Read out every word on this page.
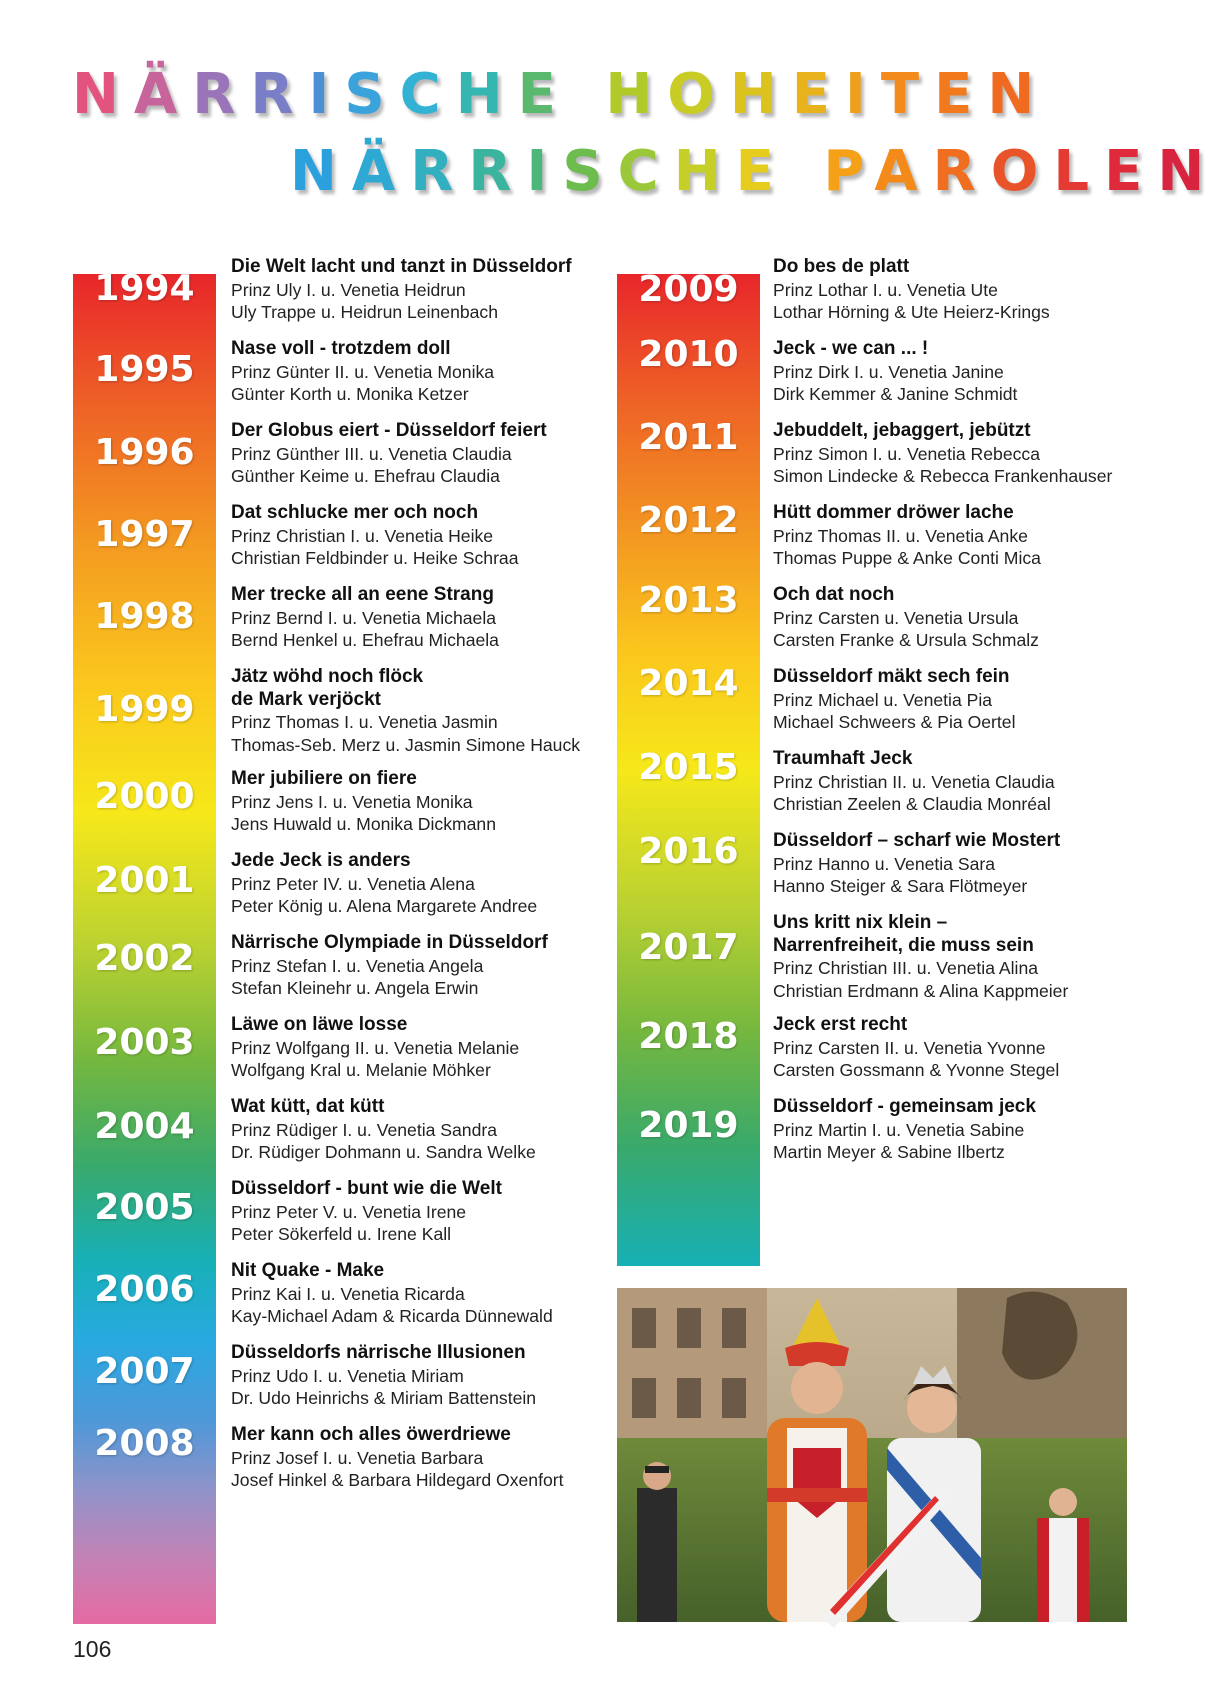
NÄRRISCHE HOHEITEN
NÄRRISCHE PAROLEN
1994
Die Welt lacht und tanzt in Düsseldorf
Prinz Uly I. u. Venetia Heidrun
Uly Trappe u. Heidrun Leinenbach
1995
Nase voll - trotzdem doll
Prinz Günter II. u. Venetia Monika
Günter Korth u. Monika Ketzer
1996
Der Globus eiert - Düsseldorf feiert
Prinz Günther III. u. Venetia Claudia
Günther Keime u. Ehefrau Claudia
1997
Dat schlucke mer och noch
Prinz Christian I. u. Venetia Heike
Christian Feldbinder u. Heike Schraa
1998
Mer trecke all an eene Strang
Prinz Bernd I. u. Venetia Michaela
Bernd Henkel u. Ehefrau Michaela
1999
Jätz wöhd noch flöck
de Mark verjöckt
Prinz Thomas I. u. Venetia Jasmin
Thomas-Seb. Merz u. Jasmin Simone Hauck
2000	Mer jubiliere on fiere
Prinz Jens I. u. Venetia Monika
Jens Huwald u. Monika Dickmann
2001	Jede Jeck is anders
Prinz Peter IV. u. Venetia Alena
Peter König u. Alena Margarete Andree
2002	Närrische Olympiade in Düsseldorf
Prinz Stefan I. u. Venetia Angela
Stefan Kleinehr u. Angela Erwin
2003	Läwe on läwe losse
Prinz Wolfgang II. u. Venetia Melanie
Wolfgang Kral u. Melanie Möhker
2004	Wat kütt, dat kütt
Prinz Rüdiger I. u. Venetia Sandra
Dr. Rüdiger Dohmann u. Sandra Welke
2005	Düsseldorf - bunt wie die Welt
Prinz Peter V. u. Venetia Irene
Peter Sökerfeld u. Irene Kall
2006	Nit Quake - Make
Prinz Kai I. u. Venetia Ricarda
Kay-Michael Adam & Ricarda Dünnewald
2007	Düsseldorfs närrische Illusionen
Prinz Udo I. u. Venetia Miriam
Dr. Udo Heinrichs & Miriam Battenstein
2008	Mer kann och alles öwerdriewe
Prinz Josef I. u. Venetia Barbara
Josef Hinkel & Barbara Hildegard Oxenfort
2009
Do bes de platt
Prinz Lothar I. u. Venetia Ute
Lothar Hörning & Ute Heierz-Krings
2010	Jeck - we can ... !
Prinz Dirk I. u. Venetia Janine
Dirk Kemmer & Janine Schmidt
2011	Jebuddelt, jebaggert, jebützt
Prinz Simon I. u. Venetia Rebecca
Simon Lindecke & Rebecca Frankenhauser
2012	Hütt dommer dröwer lache
Prinz Thomas II. u. Venetia Anke
Thomas Puppe & Anke Conti Mica
2013	Och dat noch
Prinz Carsten u. Venetia Ursula
Carsten Franke & Ursula Schmalz
2014	Düsseldorf mäkt sech fein
Prinz Michael u. Venetia Pia
Michael Schweers & Pia Oertel
2015	Traumhaft Jeck
Prinz Christian II. u. Venetia Claudia
Christian Zeelen & Claudia Monréal
2016	Düsseldorf – scharf wie Mostert
Prinz Hanno u. Venetia Sara
Hanno Steiger & Sara Flötmeyer
2017
Uns kritt nix klein –
Narrenfreiheit, die muss sein
Prinz Christian III. u. Venetia Alina
Christian Erdmann & Alina Kappmeier
2018	Jeck erst recht
Prinz Carsten II. u. Venetia Yvonne
Carsten Gossmann & Yvonne Stegel
2019	Düsseldorf - gemeinsam jeck
Prinz Martin I. u. Venetia Sabine
Martin Meyer & Sabine Ilbertz
106
